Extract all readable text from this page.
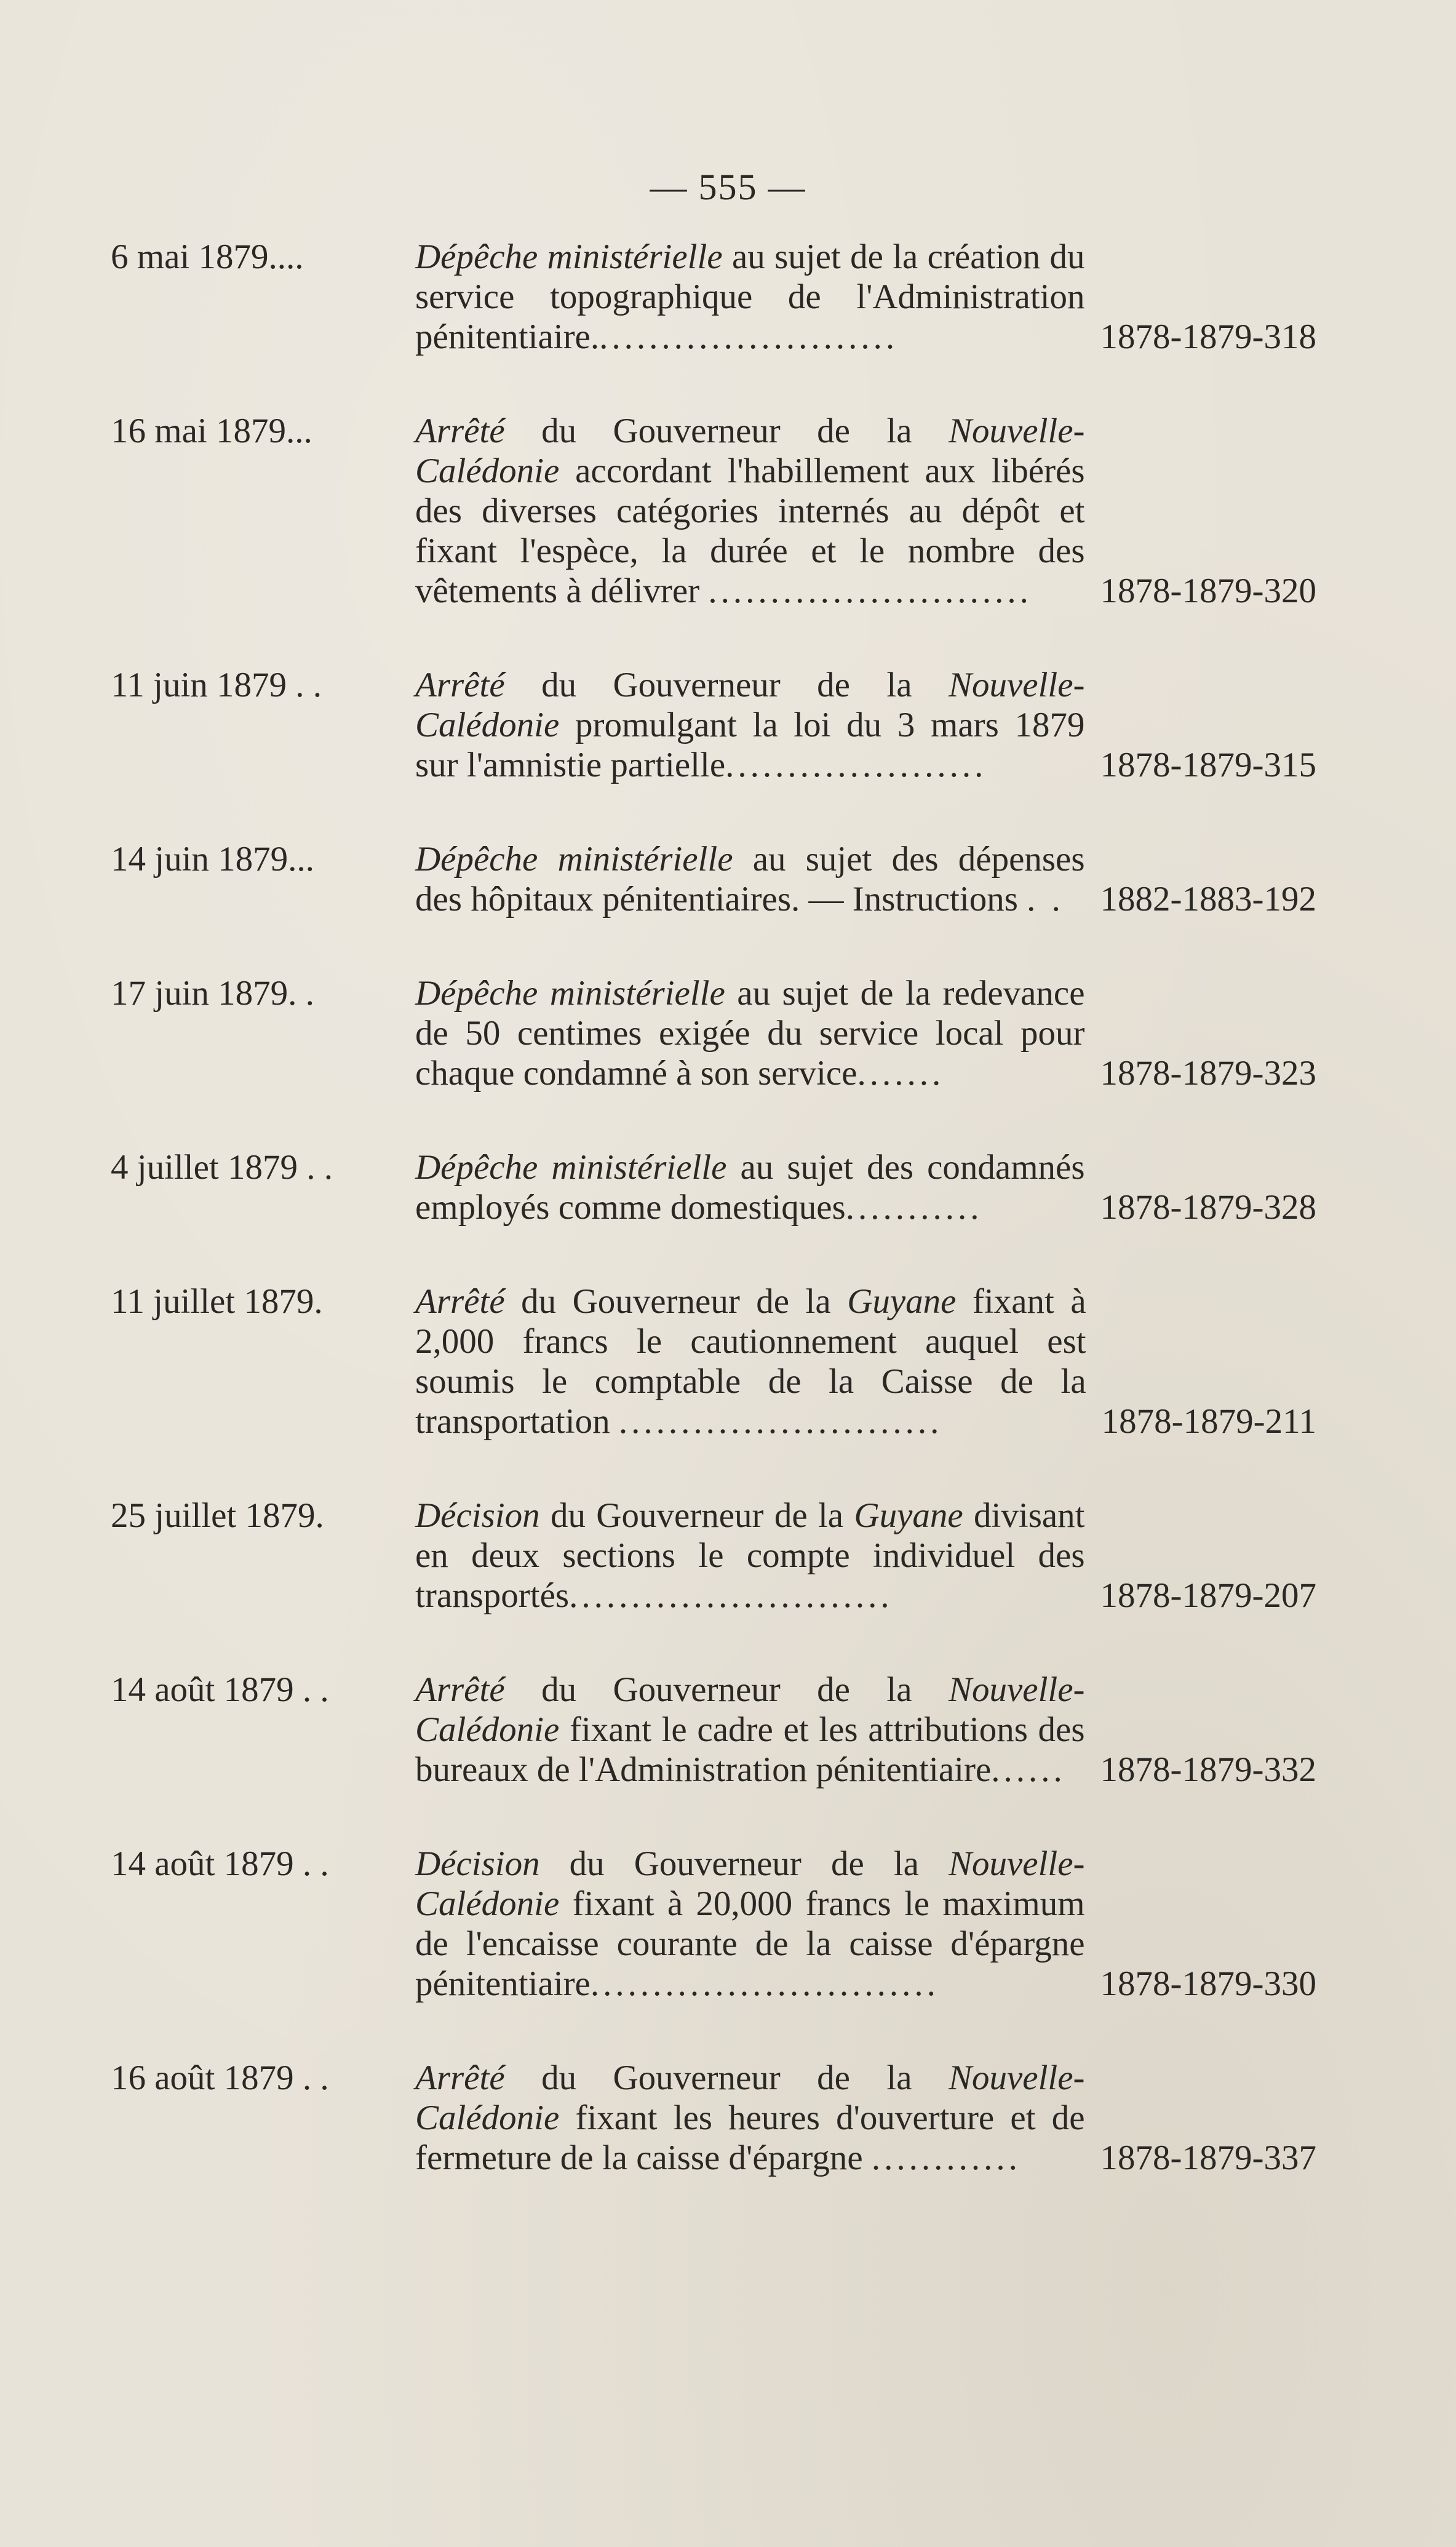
— 555 —
6 mai 1879....	Dépêche ministérielle au sujet de la création du service topographique de l'Administration pénitentiaire.........................	1878-1879-318
16 mai 1879...	Arrêté du Gouverneur de la Nouvelle-Calédonie accordant l'habillement aux libérés des diverses catégories internés au dépôt et fixant l'espèce, la durée et le nombre des vêtements à délivrer ..........................	1878-1879-320
11 juin 1879 . .	Arrêté du Gouverneur de la Nouvelle-Calédonie promulgant la loi du 3 mars 1879 sur l'amnistie partielle.....................	1878-1879-315
14 juin 1879...	Dépêche ministérielle au sujet des dépenses des hôpitaux pénitentiaires. — Instructions . .	1882-1883-192
17 juin 1879. .	Dépêche ministérielle au sujet de la redevance de 50 centimes exigée du service local pour chaque condamné à son service.......	1878-1879-323
4 juillet 1879 . .	Dépêche ministérielle au sujet des condamnés employés comme domestiques...........	1878-1879-328
11 juillet 1879.	Arrêté du Gouverneur de la Guyane fixant à 2,000 francs le cautionnement auquel est soumis le comptable de la Caisse de la transportation ..........................	1878-1879-211
25 juillet 1879.	Décision du Gouverneur de la Guyane divisant en deux sections le compte individuel des transportés..........................	1878-1879-207
14 août 1879 . .	Arrêté du Gouverneur de la Nouvelle-Calédonie fixant le cadre et les attributions des bureaux de l'Administration pénitentiaire...... 1878-1879-332
14 août 1879 . .	Décision du Gouverneur de la Nouvelle-Calédonie fixant à 20,000 francs le maximum de l'encaisse courante de la caisse d'épargne pénitentiaire............................	1878-1879-330
16 août 1879 . .	Arrêté du Gouverneur de la Nouvelle-Calédonie fixant les heures d'ouverture et de fermeture de la caisse d'épargne ............	1878-1879-337
